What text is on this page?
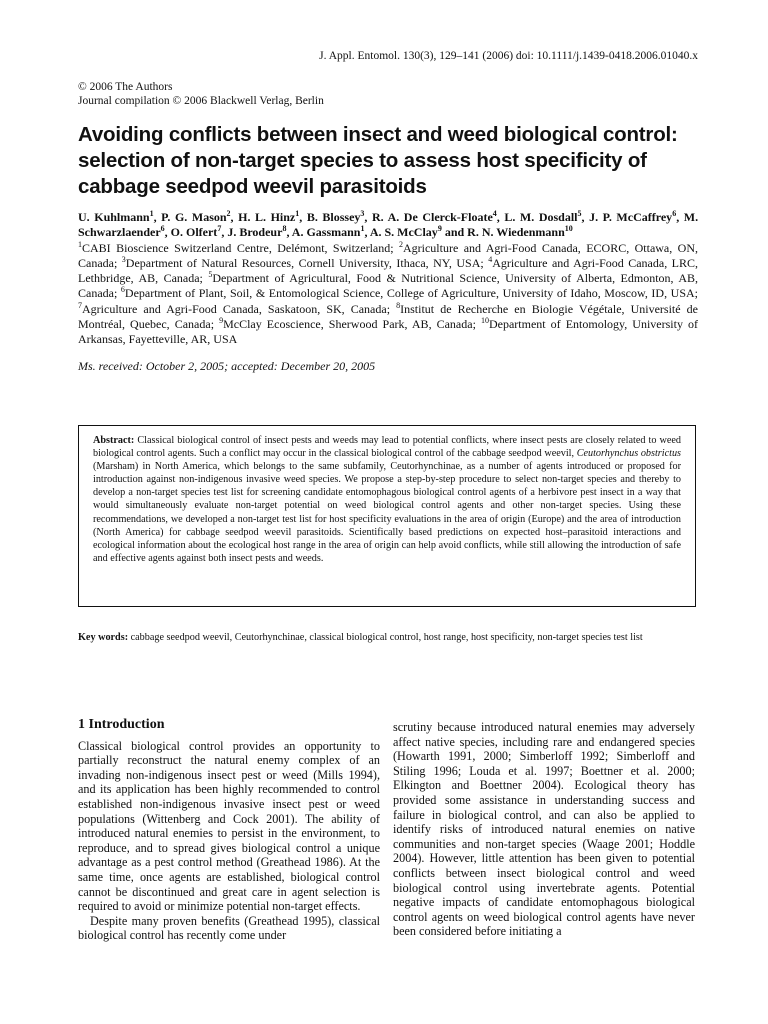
J. Appl. Entomol. 130(3), 129–141 (2006) doi: 10.1111/j.1439-0418.2006.01040.x
© 2006 The Authors
Journal compilation © 2006 Blackwell Verlag, Berlin
Avoiding conflicts between insect and weed biological control: selection of non-target species to assess host specificity of cabbage seedpod weevil parasitoids
U. Kuhlmann$^1$, P. G. Mason$^2$, H. L. Hinz$^1$, B. Blossey$^3$, R. A. De Clerck-Floate$^4$, L. M. Dosdall$^5$, J. P. McCaffrey$^6$, M. Schwarzlaender$^6$, O. Olfert$^7$, J. Brodeur$^8$, A. Gassmann$^1$, A. S. McClay$^9$ and R. N. Wiedenmann$^{10}$
$^1$CABI Bioscience Switzerland Centre, Delémont, Switzerland; $^2$Agriculture and Agri-Food Canada, ECORC, Ottawa, ON, Canada; $^3$Department of Natural Resources, Cornell University, Ithaca, NY, USA; $^4$Agriculture and Agri-Food Canada, LRC, Lethbridge, AB, Canada; $^5$Department of Agricultural, Food & Nutritional Science, University of Alberta, Edmonton, AB, Canada; $^6$Department of Plant, Soil, & Entomological Science, College of Agriculture, University of Idaho, Moscow, ID, USA; $^7$Agriculture and Agri-Food Canada, Saskatoon, SK, Canada; $^8$Institut de Recherche en Biologie Végétale, Université de Montréal, Quebec, Canada; $^9$McClay Ecoscience, Sherwood Park, AB, Canada; $^{10}$Department of Entomology, University of Arkansas, Fayetteville, AR, USA
Ms. received: October 2, 2005; accepted: December 20, 2005
Abstract: Classical biological control of insect pests and weeds may lead to potential conflicts, where insect pests are closely related to weed biological control agents. Such a conflict may occur in the classical biological control of the cabbage seedpod weevil, Ceutorhynchus obstrictus (Marsham) in North America, which belongs to the same subfamily, Ceutorhynchinae, as a number of agents introduced or proposed for introduction against non-indigenous invasive weed species. We propose a step-by-step procedure to select non-target species and thereby to develop a non-target species test list for screening candidate entomophagous biological control agents of a herbivore pest insect in a way that would simultaneously evaluate non-target potential on weed biological control agents and other non-target species. Using these recommendations, we developed a non-target test list for host specificity evaluations in the area of origin (Europe) and the area of introduction (North America) for cabbage seedpod weevil parasitoids. Scientifically based predictions on expected host–parasitoid interactions and ecological information about the ecological host range in the area of origin can help avoid conflicts, while still allowing the introduction of safe and effective agents against both insect pests and weeds.
Key words: cabbage seedpod weevil, Ceutorhynchinae, classical biological control, host range, host specificity, non-target species test list
1 Introduction

Classical biological control provides an opportunity to partially reconstruct the natural enemy complex of an invading non-indigenous insect pest or weed (Mills 1994), and its application has been highly recommended to control established non-indigenous invasive insect pest or weed populations (Wittenberg and Cock 2001). The ability of introduced natural enemies to persist in the environment, to reproduce, and to spread gives biological control a unique advantage as a pest control method (Greathead 1986). At the same time, once agents are established, biological control cannot be discontinued and great care in agent selection is required to avoid or minimize potential non-target effects.

Despite many proven benefits (Greathead 1995), classical biological control has recently come under

scrutiny because introduced natural enemies may adversely affect native species, including rare and endangered species (Howarth 1991, 2000; Simberloff 1992; Simberloff and Stiling 1996; Louda et al. 1997; Boettner et al. 2000; Elkington and Boettner 2004). Ecological theory has provided some assistance in understanding success and failure in biological control, and can also be applied to identify risks of introduced natural enemies on native communities and non-target species (Waage 2001; Hoddle 2004). However, little attention has been given to potential conflicts between insect biological control and weed biological control using invertebrate agents. Potential negative impacts of candidate entomophagous biological control agents on weed biological control agents have never been considered before initiating a
